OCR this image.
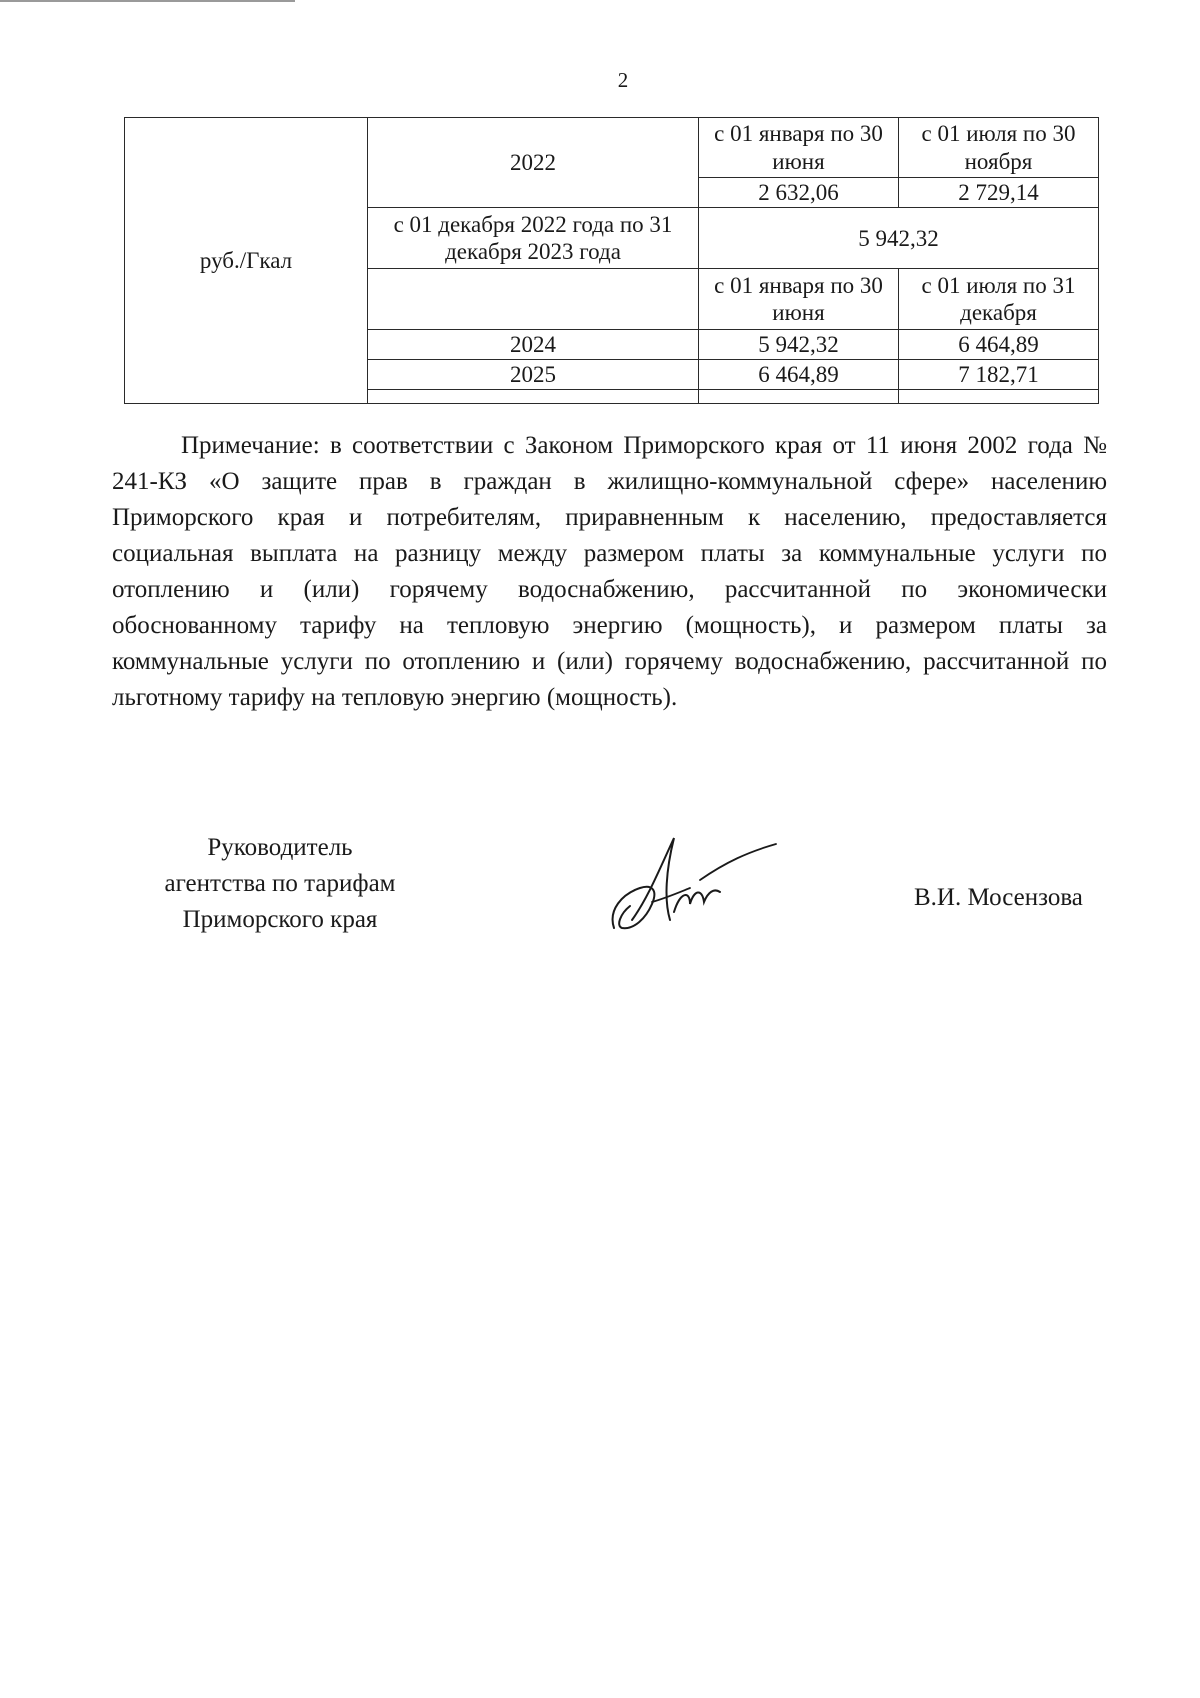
2
руб./Гкал	2022	с 01 января по 30 июня	с 01 июля по 30 ноября
		2 632,06	2 729,14
	с 01 декабря 2022 года по 31 декабря 2023 года	5 942,32	
		с 01 января по 30 июня	с 01 июля по 31 декабря
	2024	5 942,32	6 464,89
	2025	6 464,89	7 182,71

Примечание: в соответствии с Законом Приморского края от 11 июня 2002 года № 241-КЗ «О защите прав в граждан в жилищно-коммунальной сфере» населению Приморского края и потребителям, приравненным к населению, предоставляется социальная выплата на разницу между размером платы за коммунальные услуги по отоплению и (или) горячему водоснабжению, рассчитанной по экономически обоснованному тарифу на тепловую энергию (мощность), и размером платы за коммунальные услуги по отоплению и (или) горячему водоснабжению, рассчитанной по льготному тарифу на тепловую энергию (мощность).

Руководитель
агентства по тарифам
Приморского края
В.И. Мосензова
